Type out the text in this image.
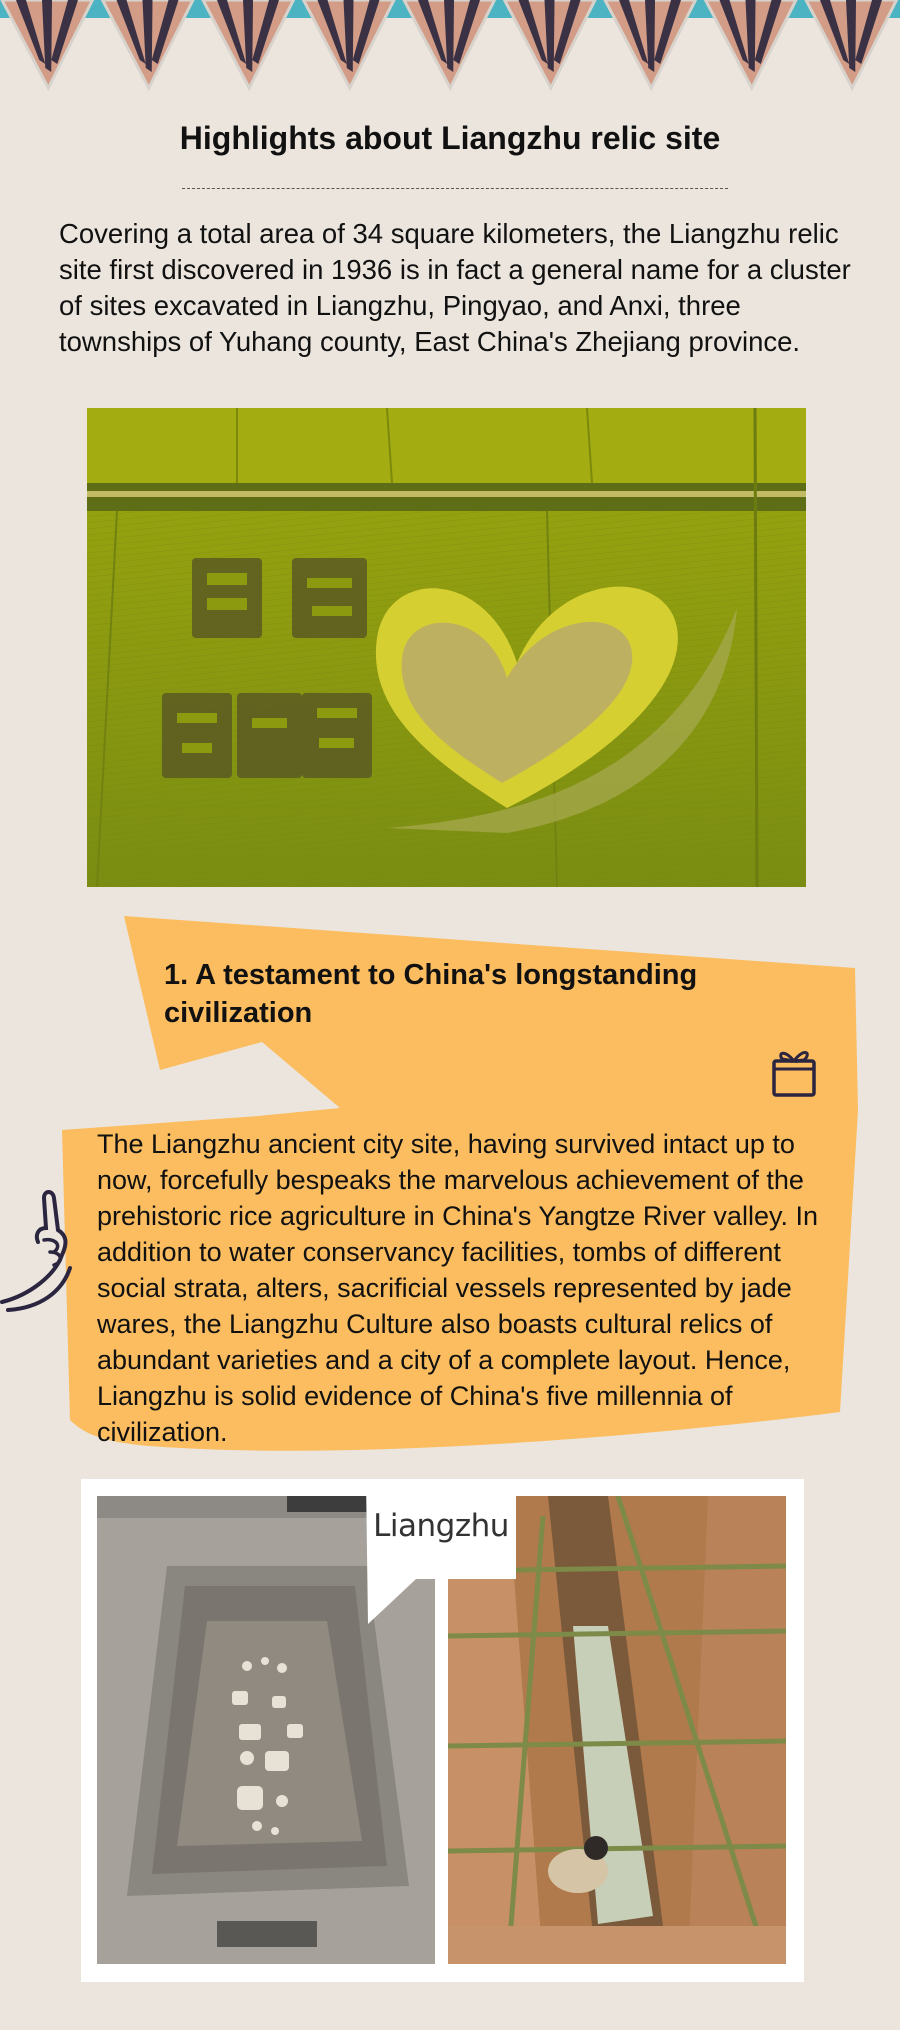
Highlights about Liangzhu relic site

Covering a total area of 34 square kilometers, the Liangzhu relic site first discovered in 1936 is in fact a general name for a cluster of sites excavated in Liangzhu, Pingyao, and Anxi, three townships of Yuhang county, East China's Zhejiang province.

1. A testament to China's longstanding civilization

The Liangzhu ancient city site, having survived intact up to now, forcefully bespeaks the marvelous achievement of the prehistoric rice agriculture in China's Yangtze River valley. In addition to water conservancy facilities, tombs of different social strata, alters, sacrificial vessels represented by jade wares, the Liangzhu Culture also boasts cultural relics of abundant varieties and a city of a complete layout. Hence, Liangzhu is solid evidence of China's five millennia of civilization.

Liangzhu
